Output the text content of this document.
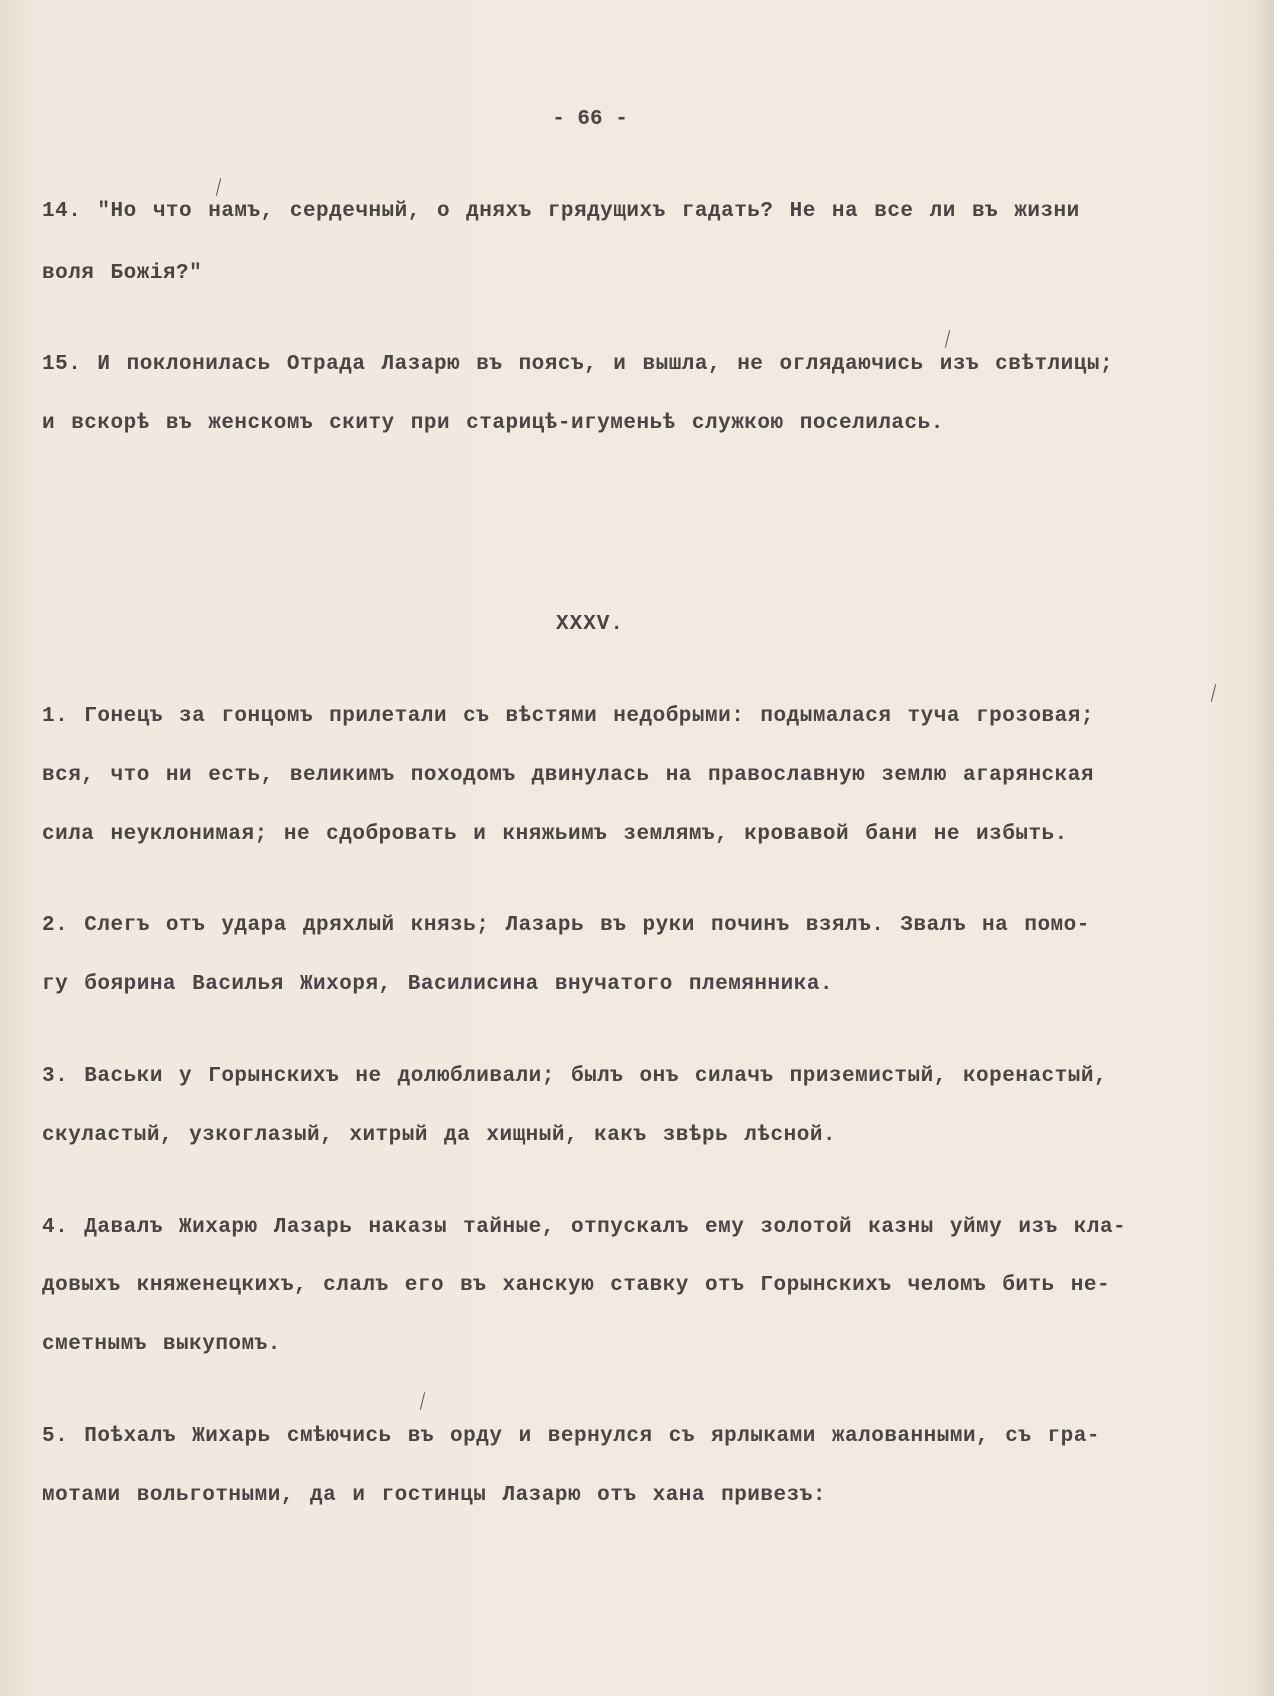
- 66 -
14. "Но что намъ, сердечный, о дняхъ грядущихъ гадать? Не на все ли въ жизни
воля Божiя?"
15. И поклонилась Отрада Лазарю въ поясъ, и вышла, не оглядаючись изъ свѣтлицы;
и вскорѣ въ женскомъ скиту при старицѣ-игуменьѣ служкою поселилась.
XXXV.
1. Гонецъ за гонцомъ прилетали съ вѣстями недобрыми: подымалася туча грозовая;
вся, что ни есть, великимъ походомъ двинулась на православную землю агарянская
сила неуклонимая; не сдобровать и княжьимъ землямъ, кровавой бани не избыть.
2. Слегъ отъ удара дряхлый князь; Лазарь въ руки починъ взялъ. Звалъ на помо-
гу боярина Василья Жихоря, Василисина внучатого племянника.
3. Васьки у Горынскихъ не долюбливали; былъ онъ силачъ приземистый, коренастый,
скуластый, узкоглазый, хитрый да хищный, какъ звѣрь лѣсной.
4. Давалъ Жихарю Лазарь наказы тайные, отпускалъ ему золотой казны уйму изъ кла-
довыхъ княженецкихъ, слалъ его въ ханскую ставку отъ Горынскихъ челомъ бить не-
сметнымъ выкупомъ.
5. Поѣхалъ Жихарь смѣючись въ орду и вернулся съ ярлыками жалованными, съ гра-
мотами вольготными, да и гостинцы Лазарю отъ хана привезъ:
